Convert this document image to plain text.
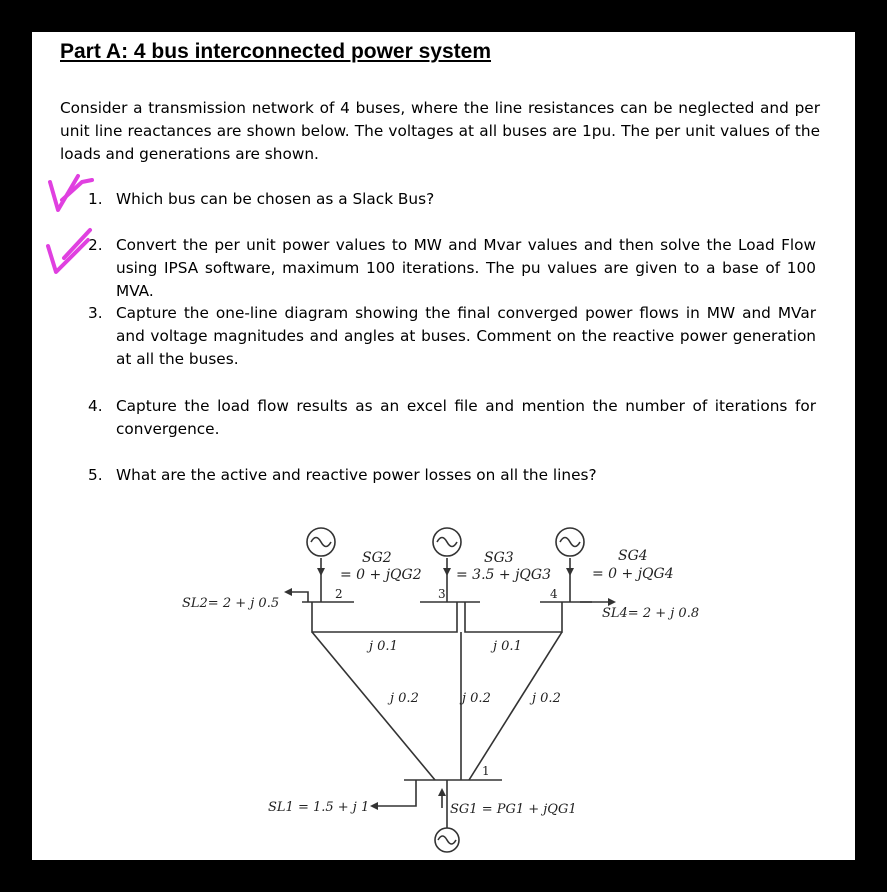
Part A: 4 bus interconnected power system
Consider a transmission network of 4 buses, where the line resistances can be neglected and per unit line reactances are shown below. The voltages at all buses are 1pu. The per unit values of the loads and generations are shown.
1. Which bus can be chosen as a Slack Bus?
2. Convert the per unit power values to MW and Mvar values and then solve the Load Flow using IPSA software, maximum 100 iterations. The pu values are given to a base of 100 MVA.
3. Capture the one-line diagram showing the final converged power flows in MW and MVar and voltage magnitudes and angles at buses. Comment on the reactive power generation at all the buses.
4. Capture the load flow results as an excel file and mention the number of iterations for convergence.
5. What are the active and reactive power losses on all the lines?
2	3	4
1
SG2
= 0 + jQG2
SG3
= 3.5 + jQG3
SG4
= 0 + jQG4
SL2= 2 + j 0.5
SL4= 2 + j 0.8
SL1 = 1.5 + j 1	SG1 = PG1 + jQG1
j 0.1	j 0.1
j 0.2	j 0.2	j 0.2
